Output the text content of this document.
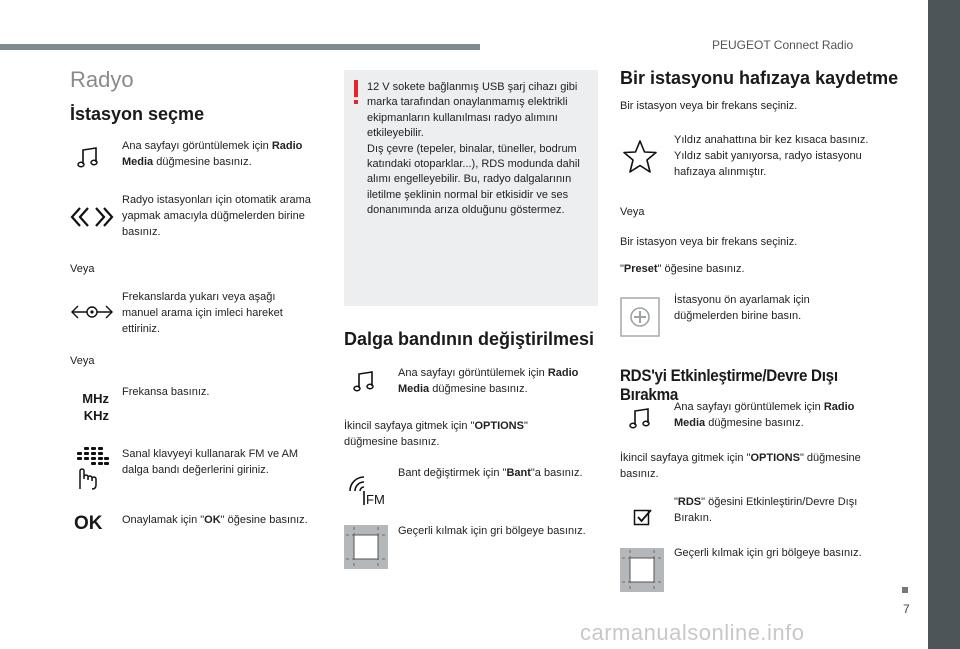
PEUGEOT Connect Radio
7
carmanualsonline.info
Radyo
İstasyon seçme
Ana sayfayı görüntülemek için Radio Media düğmesine basınız.
Radyo istasyonları için otomatik arama yapmak amacıyla düğmelerden birine basınız.
Veya
Frekanslarda yukarı veya aşağı manuel arama için imleci hareket ettiriniz.
Veya
MHz
KHz
Frekansa basınız.
Sanal klavyeyi kullanarak FM ve AM dalga bandı değerlerini giriniz.
OK Onaylamak için "OK" öğesine basınız.
12 V sokete bağlanmış USB şarj cihazı gibi marka tarafından onaylanmamış elektrikli ekipmanların kullanılması radyo alımını etkileyebilir.
Dış çevre (tepeler, binalar, tüneller, bodrum katındaki otoparklar...), RDS modunda dahil alımı engelleyebilir. Bu, radyo dalgalarının iletilme şeklinin normal bir etkisidir ve ses donanımında arıza olduğunu göstermez.
Dalga bandının değiştirilmesi
Ana sayfayı görüntülemek için Radio Media düğmesine basınız.
İkincil sayfaya gitmek için "OPTIONS" düğmesine basınız.
FM
Bant değiştirmek için "Bant"a basınız.
Geçerli kılmak için gri bölgeye basınız.
Bir istasyonu hafızaya kaydetme
Bir istasyon veya bir frekans seçiniz.
Yıldız anahattına bir kez kısaca basınız. Yıldız sabit yanıyorsa, radyo istasyonu hafızaya alınmıştır.
Veya
Bir istasyon veya bir frekans seçiniz.
"Preset" öğesine basınız.
İstasyonu ön ayarlamak için düğmelerden birine basın.
RDS'yi Etkinleştirme/Devre Dışı Bırakma
Ana sayfayı görüntülemek için Radio Media düğmesine basınız.
İkincil sayfaya gitmek için "OPTIONS" düğmesine basınız.
"RDS" öğesini Etkinleştirin/Devre Dışı Bırakın.
Geçerli kılmak için gri bölgeye basınız.
